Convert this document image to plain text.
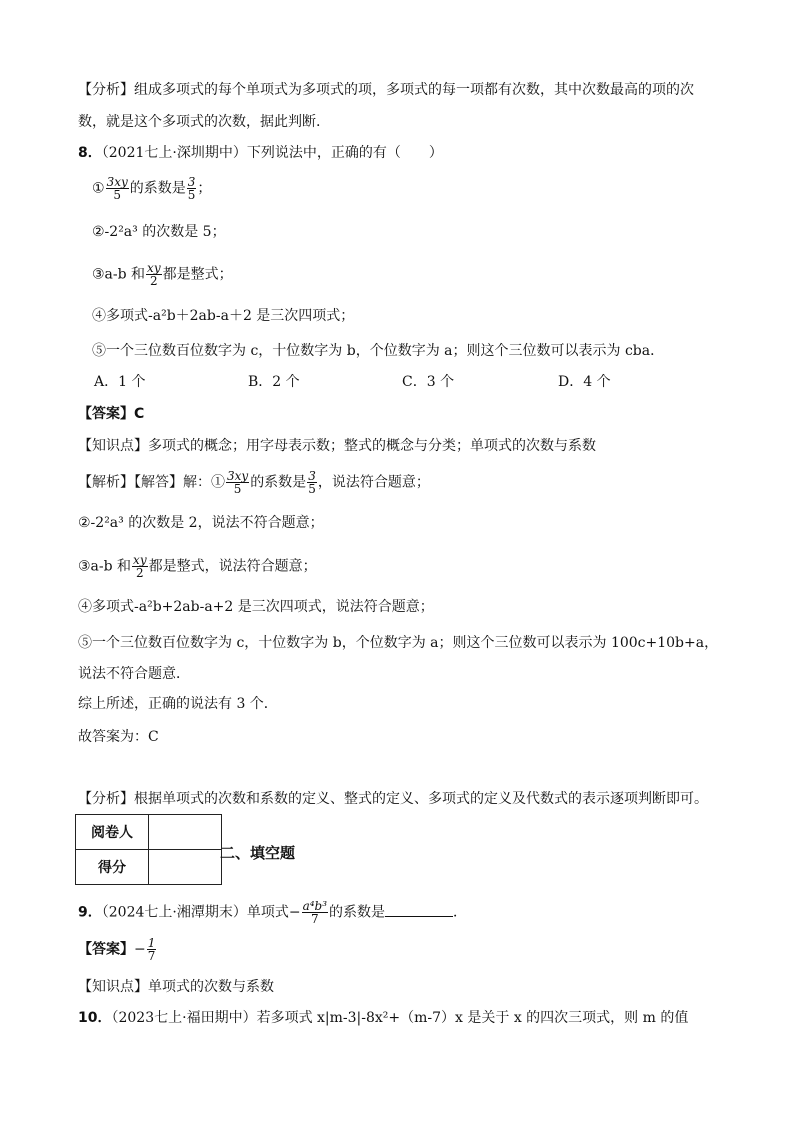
【分析】组成多项式的每个单项式为多项式的项，多项式的每一项都有次数，其中次数最高的项的次
数，就是这个多项式的次数，据此判断.
8．（2021七上·深圳期中）下列说法中，正确的有（　　）
① $\frac{3xy}{5}$ 的系数是 $\frac{3}{5}$ ；
②-2²a³ 的次数是 5；
③a-b 和 $\frac{xy}{2}$ 都是整式；
④多项式-a²b＋2ab-a＋2 是三次四项式；
⑤一个三位数百位数字为 c，十位数字为 b，个位数字为 a；则这个三位数可以表示为 cba．
A．1 个	B．2 个	C．3 个	D．4 个
【答案】C
【知识点】多项式的概念；用字母表示数；整式的概念与分类；单项式的次数与系数
【解析】【解答】解：① $\frac{3xy}{5}$ 的系数是 $\frac{3}{5}$ ，说法符合题意；
②-2²a³ 的次数是 2，说法不符合题意；
③a-b 和 $\frac{xy}{2}$ 都是整式，说法符合题意；
④多项式-a²b+2ab-a+2 是三次四项式，说法符合题意；
⑤一个三位数百位数字为 c，十位数字为 b，个位数字为 a；则这个三位数可以表示为 100c+10b+a，
说法不符合题意．
综上所述，正确的说法有 3 个．
故答案为：C
【分析】根据单项式的次数和系数的定义、整式的定义、多项式的定义及代数式的表示逐项判断即可。
阅卷人	
得分	
二、填空题
9．（2024七上·湘潭期末）单项式− $\frac{\text{a⁴b³}}{7}$ 的系数是	．
【答案】− $\frac{1}{7}$
【知识点】单项式的次数与系数
10．（2023七上·福田期中）若多项式 x|m-3|-8x²+（m-7）x 是关于 x 的四次三项式，则 m 的值
